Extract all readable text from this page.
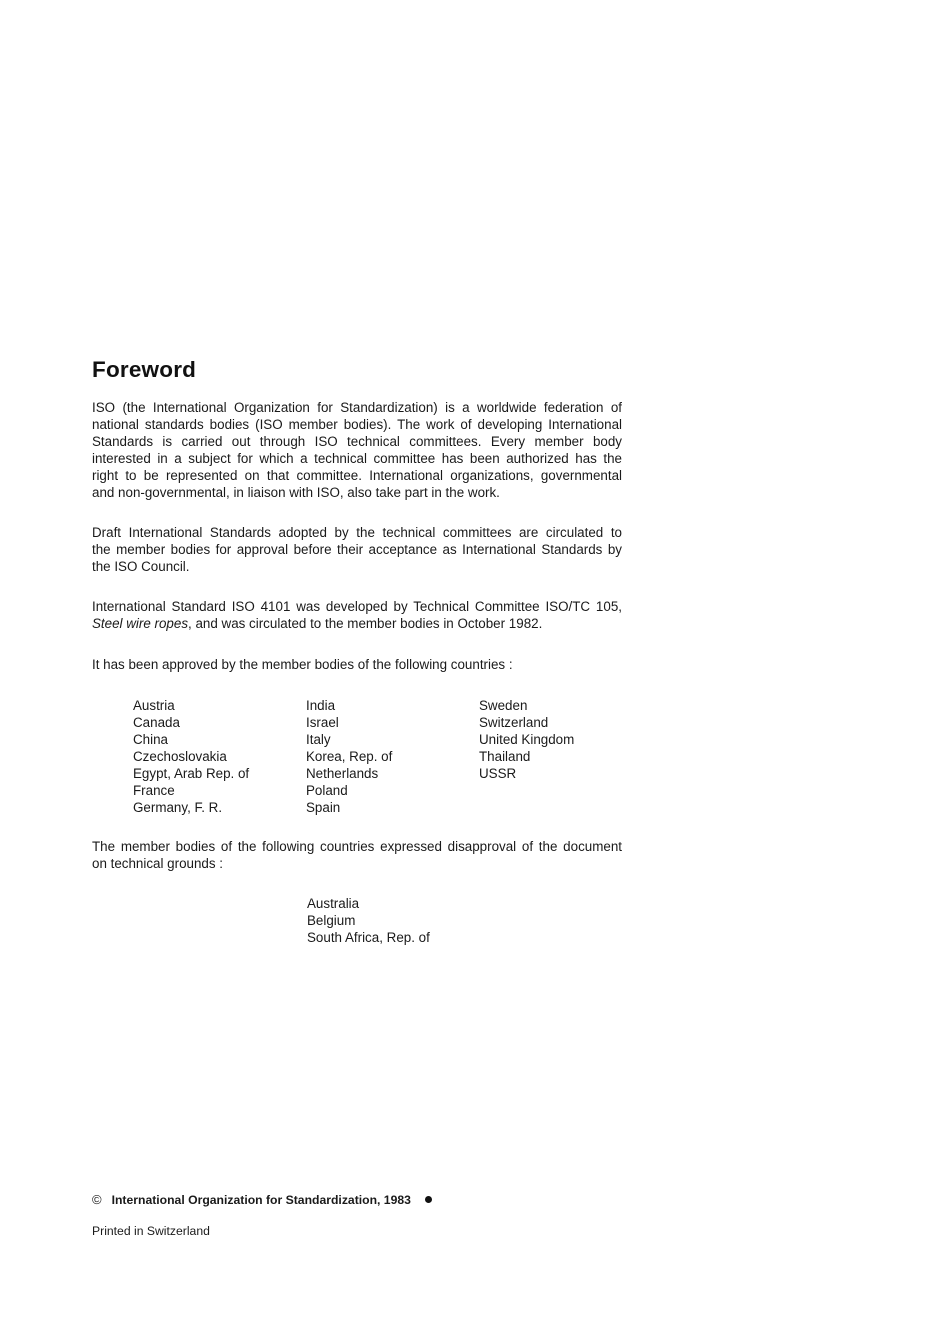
Foreword

ISO (the International Organization for Standardization) is a worldwide federation of
national standards bodies (ISO member bodies). The work of developing International
Standards is carried out through ISO technical committees. Every member body
interested in a subject for which a technical committee has been authorized has the
right to be represented on that committee. International organizations, governmental
and non-governmental, in liaison with ISO, also take part in the work.

Draft International Standards adopted by the technical committees are circulated to
the member bodies for approval before their acceptance as International Standards by
the ISO Council.

International Standard ISO 4101 was developed by Technical Committee ISO/TC 105,
Steel wire ropes, and was circulated to the member bodies in October 1982.

It has been approved by the member bodies of the following countries :

Austria
Canada
China
Czechoslovakia
Egypt, Arab Rep. of
France
Germany, F. R.
India
Israel
Italy
Korea, Rep. of
Netherlands
Poland
Spain
Sweden
Switzerland
United Kingdom
Thailand
USSR

The member bodies of the following countries expressed disapproval of the document
on technical grounds :

Australia
Belgium
South Africa, Rep. of
© International Organization for Standardization, 1983
Printed in Switzerland
